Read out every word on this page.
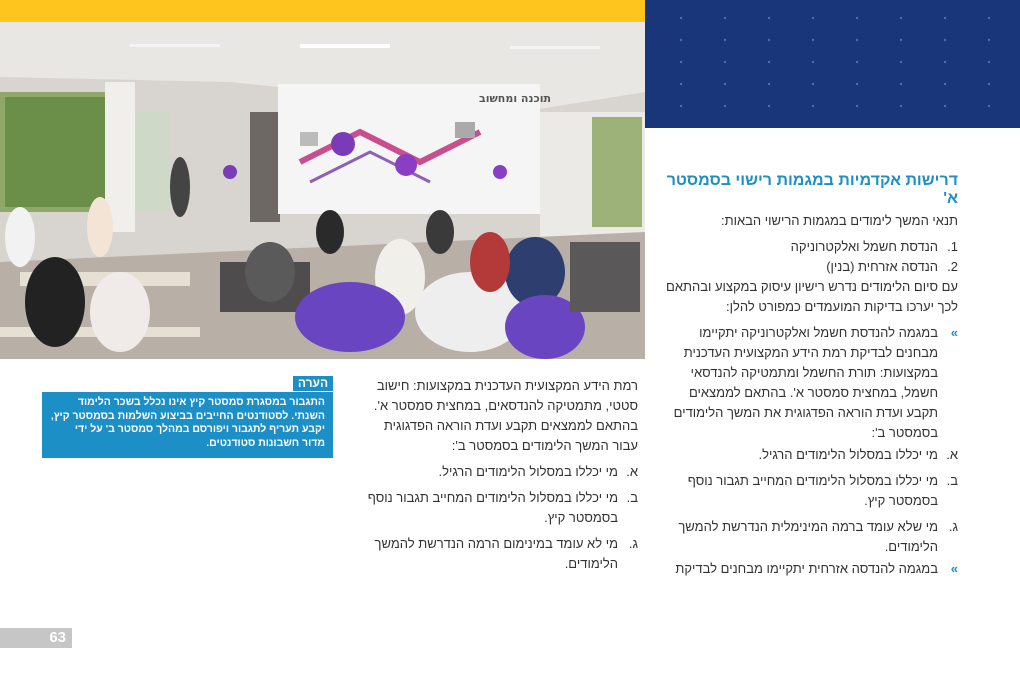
תוכנה ומחשוב
דרישות אקדמיות במגמות רישוי בסמסטר א'

תנאי המשך לימודים במגמות הרישוי הבאות:

1.
הנדסת חשמל ואלקטרוניקה
2.
הנדסה אזרחית (בנין)

עם סיום הלימודים נדרש רישיון עיסוק במקצוע ובהתאם לכך יערכו בדיקות המועמדים כמפורט להלן:

»
במגמה להנדסת חשמל ואלקטרוניקה יתקיימו מבחנים לבדיקת רמת הידע המקצועית העדכנית במקצועות: תורת החשמל ומתמטיקה להנדסאי חשמל, במחצית סמסטר א'. בהתאם לממצאים תקבע ועדת הוראה הפדגוגית את המשך הלימודים בסמסטר ב':
א.
מי יכללו במסלול הלימודים הרגיל.
ב.
מי יכללו במסלול הלימודים המחייב תגבור נוסף בסמסטר קיץ.
ג.
מי שלא עומד ברמה המינימלית הנדרשת להמשך הלימודים.
»
במגמה להנדסה אזרחית יתקיימו מבחנים לבדיקת

רמת הידע המקצועית העדכנית במקצועות: חישוב סטטי, מתמטיקה להנדסאים, במחצית סמסטר א'. בהתאם לממצאים תקבע ועדת הוראה הפדגוגית עבור המשך הלימודים בסמסטר ב':

א.
מי יכללו במסלול הלימודים הרגיל.
ב.
מי יכללו במסלול הלימודים המחייב תגבור נוסף בסמסטר קיץ.
ג.
מי לא עומד במינימום הרמה הנדרשת להמשך הלימודים.
הערה
התגבור במסגרת סמסטר קיץ אינו נכלל בשכר הלימוד השנתי. לסטודנטים החייבים בביצוע השלמות בסמסטר קיץ, יקבע תעריף לתגבור ויפורסם במהלך סמסטר ב' על ידי מדור חשבונות סטודנטים.
63
